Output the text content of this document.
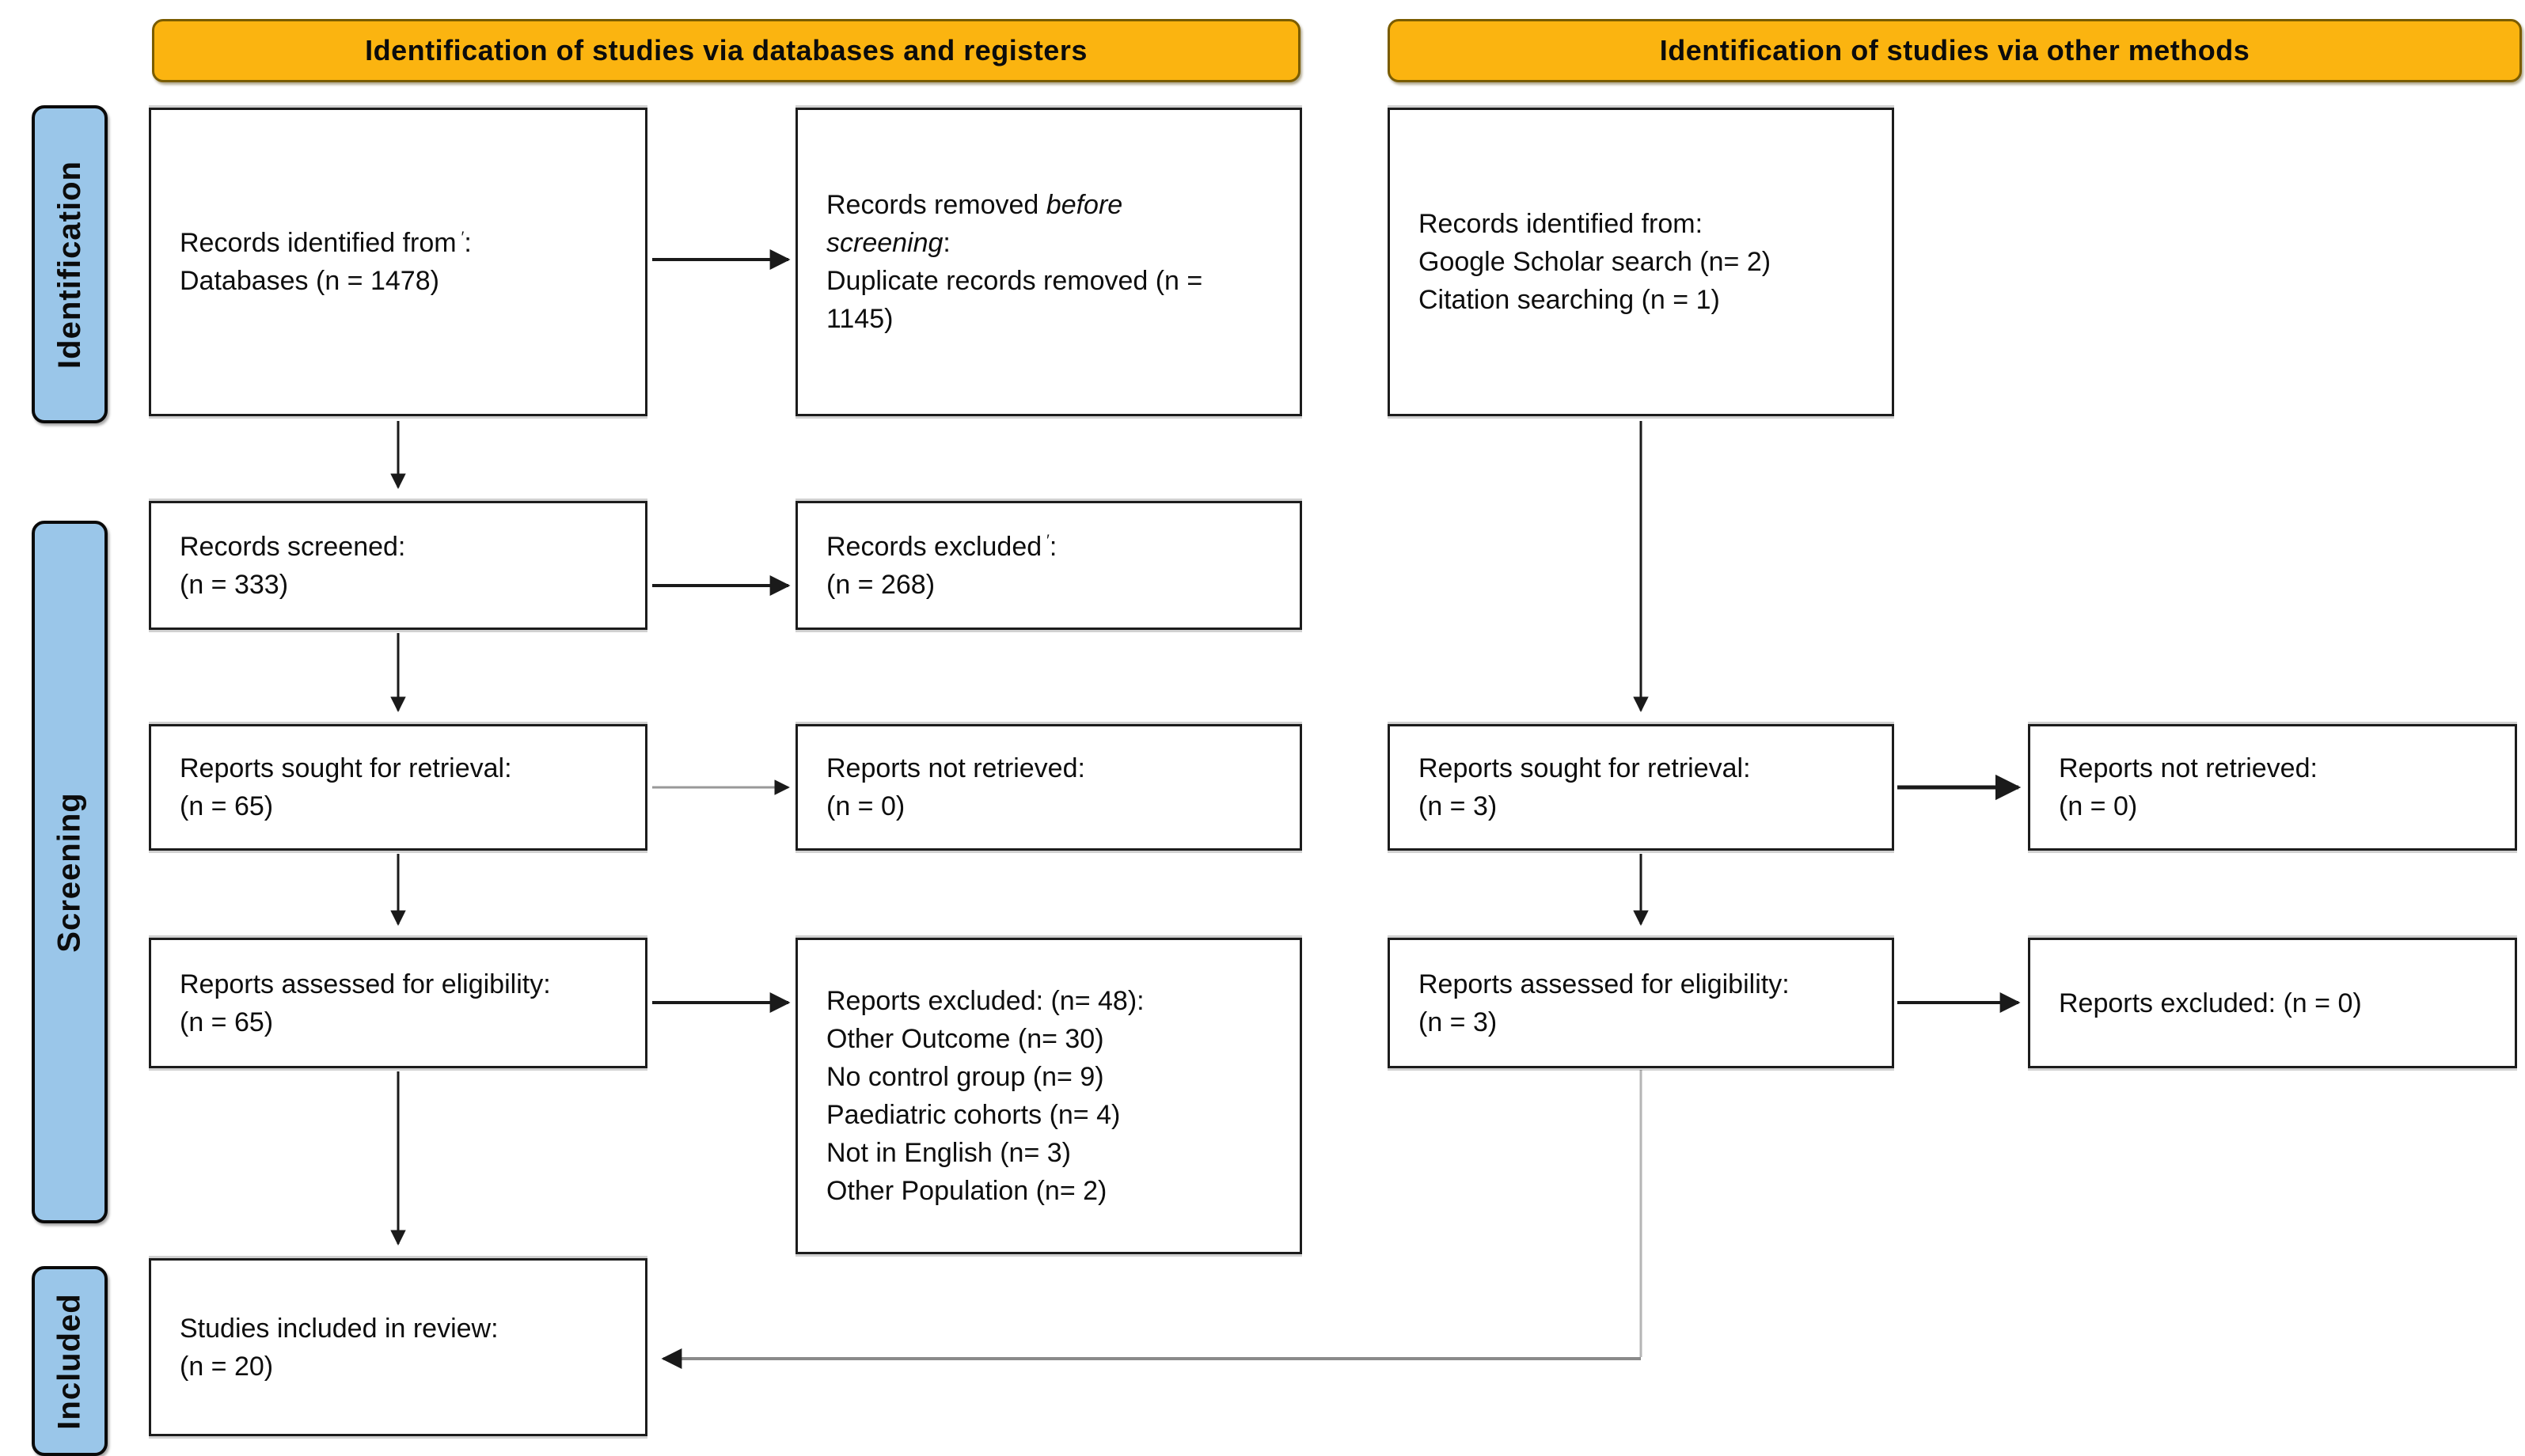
Identification of studies via databases and registers	Identification of studies via other methods
Identification
Screening
Included
Records identified from ′:
Databases (n = 1478)
Records removed before
screening:
Duplicate records removed (n =
1145)
Records identified from:
Google Scholar search (n= 2)
Citation searching (n = 1)
Records screened:
(n = 333)
Records excluded ′:
(n = 268)
Reports sought for retrieval:
(n = 65)
Reports not retrieved:
(n = 0)
Reports sought for retrieval:
(n = 3)
Reports not retrieved:
(n = 0)
Reports assessed for eligibility:
(n = 65)
Reports excluded: (n= 48):
Other Outcome (n= 30)
No control group (n= 9)
Paediatric cohorts (n= 4)
Not in English (n= 3)
Other Population (n= 2)
Reports assessed for eligibility:
(n = 3)
Reports excluded: (n = 0)
Studies included in review:
(n = 20)
